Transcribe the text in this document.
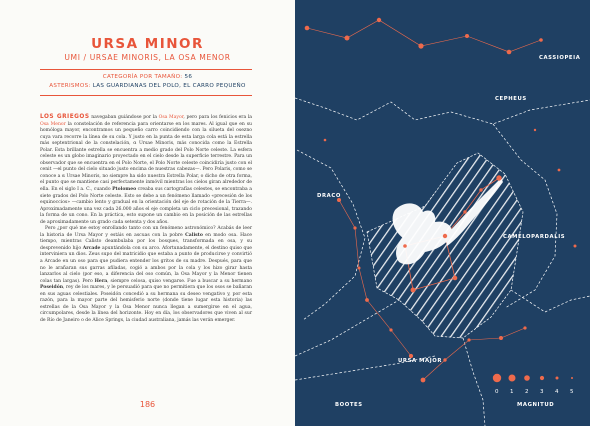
URSA MINOR
UMI / URSAE MINORIS, LA OSA MENOR
CATEGORÍA POR TAMAÑO: 56
ASTERISMOS: LAS GUARDIANAS DEL POLO, EL CARRO PEQUEÑO

LOS GRIEGOS navegaban guiándose por la Osa Mayor, pero para los fenicios era la Osa Menor la constelación de referencia para orientarse en los mares. Al igual que en su homóloga mayor, encontramos un pequeño carro coincidiendo con la silueta del osezno cuya vara recorre la línea de su cola. Y justo en la punta de esta larga cola está la estrella más septentrional de la constelación, α Ursae Minoris, más conocida como la Estrella Polar. Esta brillante estrella se encuentra a medio grado del Polo Norte celeste. La esfera celeste es un globo imaginario proyectado en el cielo desde la superficie terrestre. Para un observador que se encuentra en el Polo Norte, el Polo Norte celeste coincidiría justo con el cenit —el punto del cielo situado justo encima de nuestras cabezas—. Pero Polaris, como se conoce a α Ursae Minoris, no siempre ha sido nuestra Estrella Polar, o dicho de otra forma, el punto que se mantiene casi perfectamente inmóvil mientras los cielos giran alrededor de ella. En el siglo I a. C., cuando Ptolomeo creaba sus cartografías celestes, se encontraba a siete grados del Polo Norte celeste. Esto se debe a un fenómeno llamado «precesión de los equinoccios» —cambio lento y gradual en la orientación del eje de rotación de la Tierra—. Aproximadamente una vez cada 26.000 años el eje completa un ciclo precesional, trazando la forma de un cono. En la práctica, esto supone un cambio en la posición de las estrellas de aproximadamente un grado cada setenta y dos años.

Pero ¿por qué me estoy enrollando tanto con un fenómeno astronómico? Acabás de leer la historia de Ursa Mayor y estáis en ascuas con la pobre Calisto en modo osa. Hace tiempo, mientras Calisto deambulaba por los bosques, transformada en osa, y su desprevenido hijo Arcade apuntándola con su arco. Afortunadamente, el destino quiso que interviniera un dios. Zeus supo del matricidio que estaba a punto de producirse y convirtió a Arcade en un oso para que pudiera entender los gritos de su madre. Después, para que no le arañaran sus garras afiladas, cogió a ambos por la cola y los hizo girar hasta lanzarlos al cielo (por eso, a diferencia del oso común, la Osa Mayor y la Menor tienen colas tan largas). Pero Hera, siempre celosa, quiso vengarse. Fue a buscar a su hermano Poseidón, rey de los mares, y le persuadió para que no permitiera que los osos se bañaran en sus aguas celestiales. Poseidón concedió a su hermana su deseo vengativo y, por esta razón, para la mayor parte del hemisferio norte (donde tiene lugar esta historia) las estrellas de la Osa Mayor y la Osa Menor nunca llegan a sumergirse en el agua, circumpolares, desde la línea del horizonte. Hoy en día, los observadores que viven al sur de Río de Janeiro o de Alice Springs, la ciudad australiana, jamás las verán emerger.

186
CASSIOPEIA
CEPHEUS
DRACO
CAMELOPARDALIS
URSA MAJOR
BOOTES
0 1 2 3 4 5
MAGNITUD
